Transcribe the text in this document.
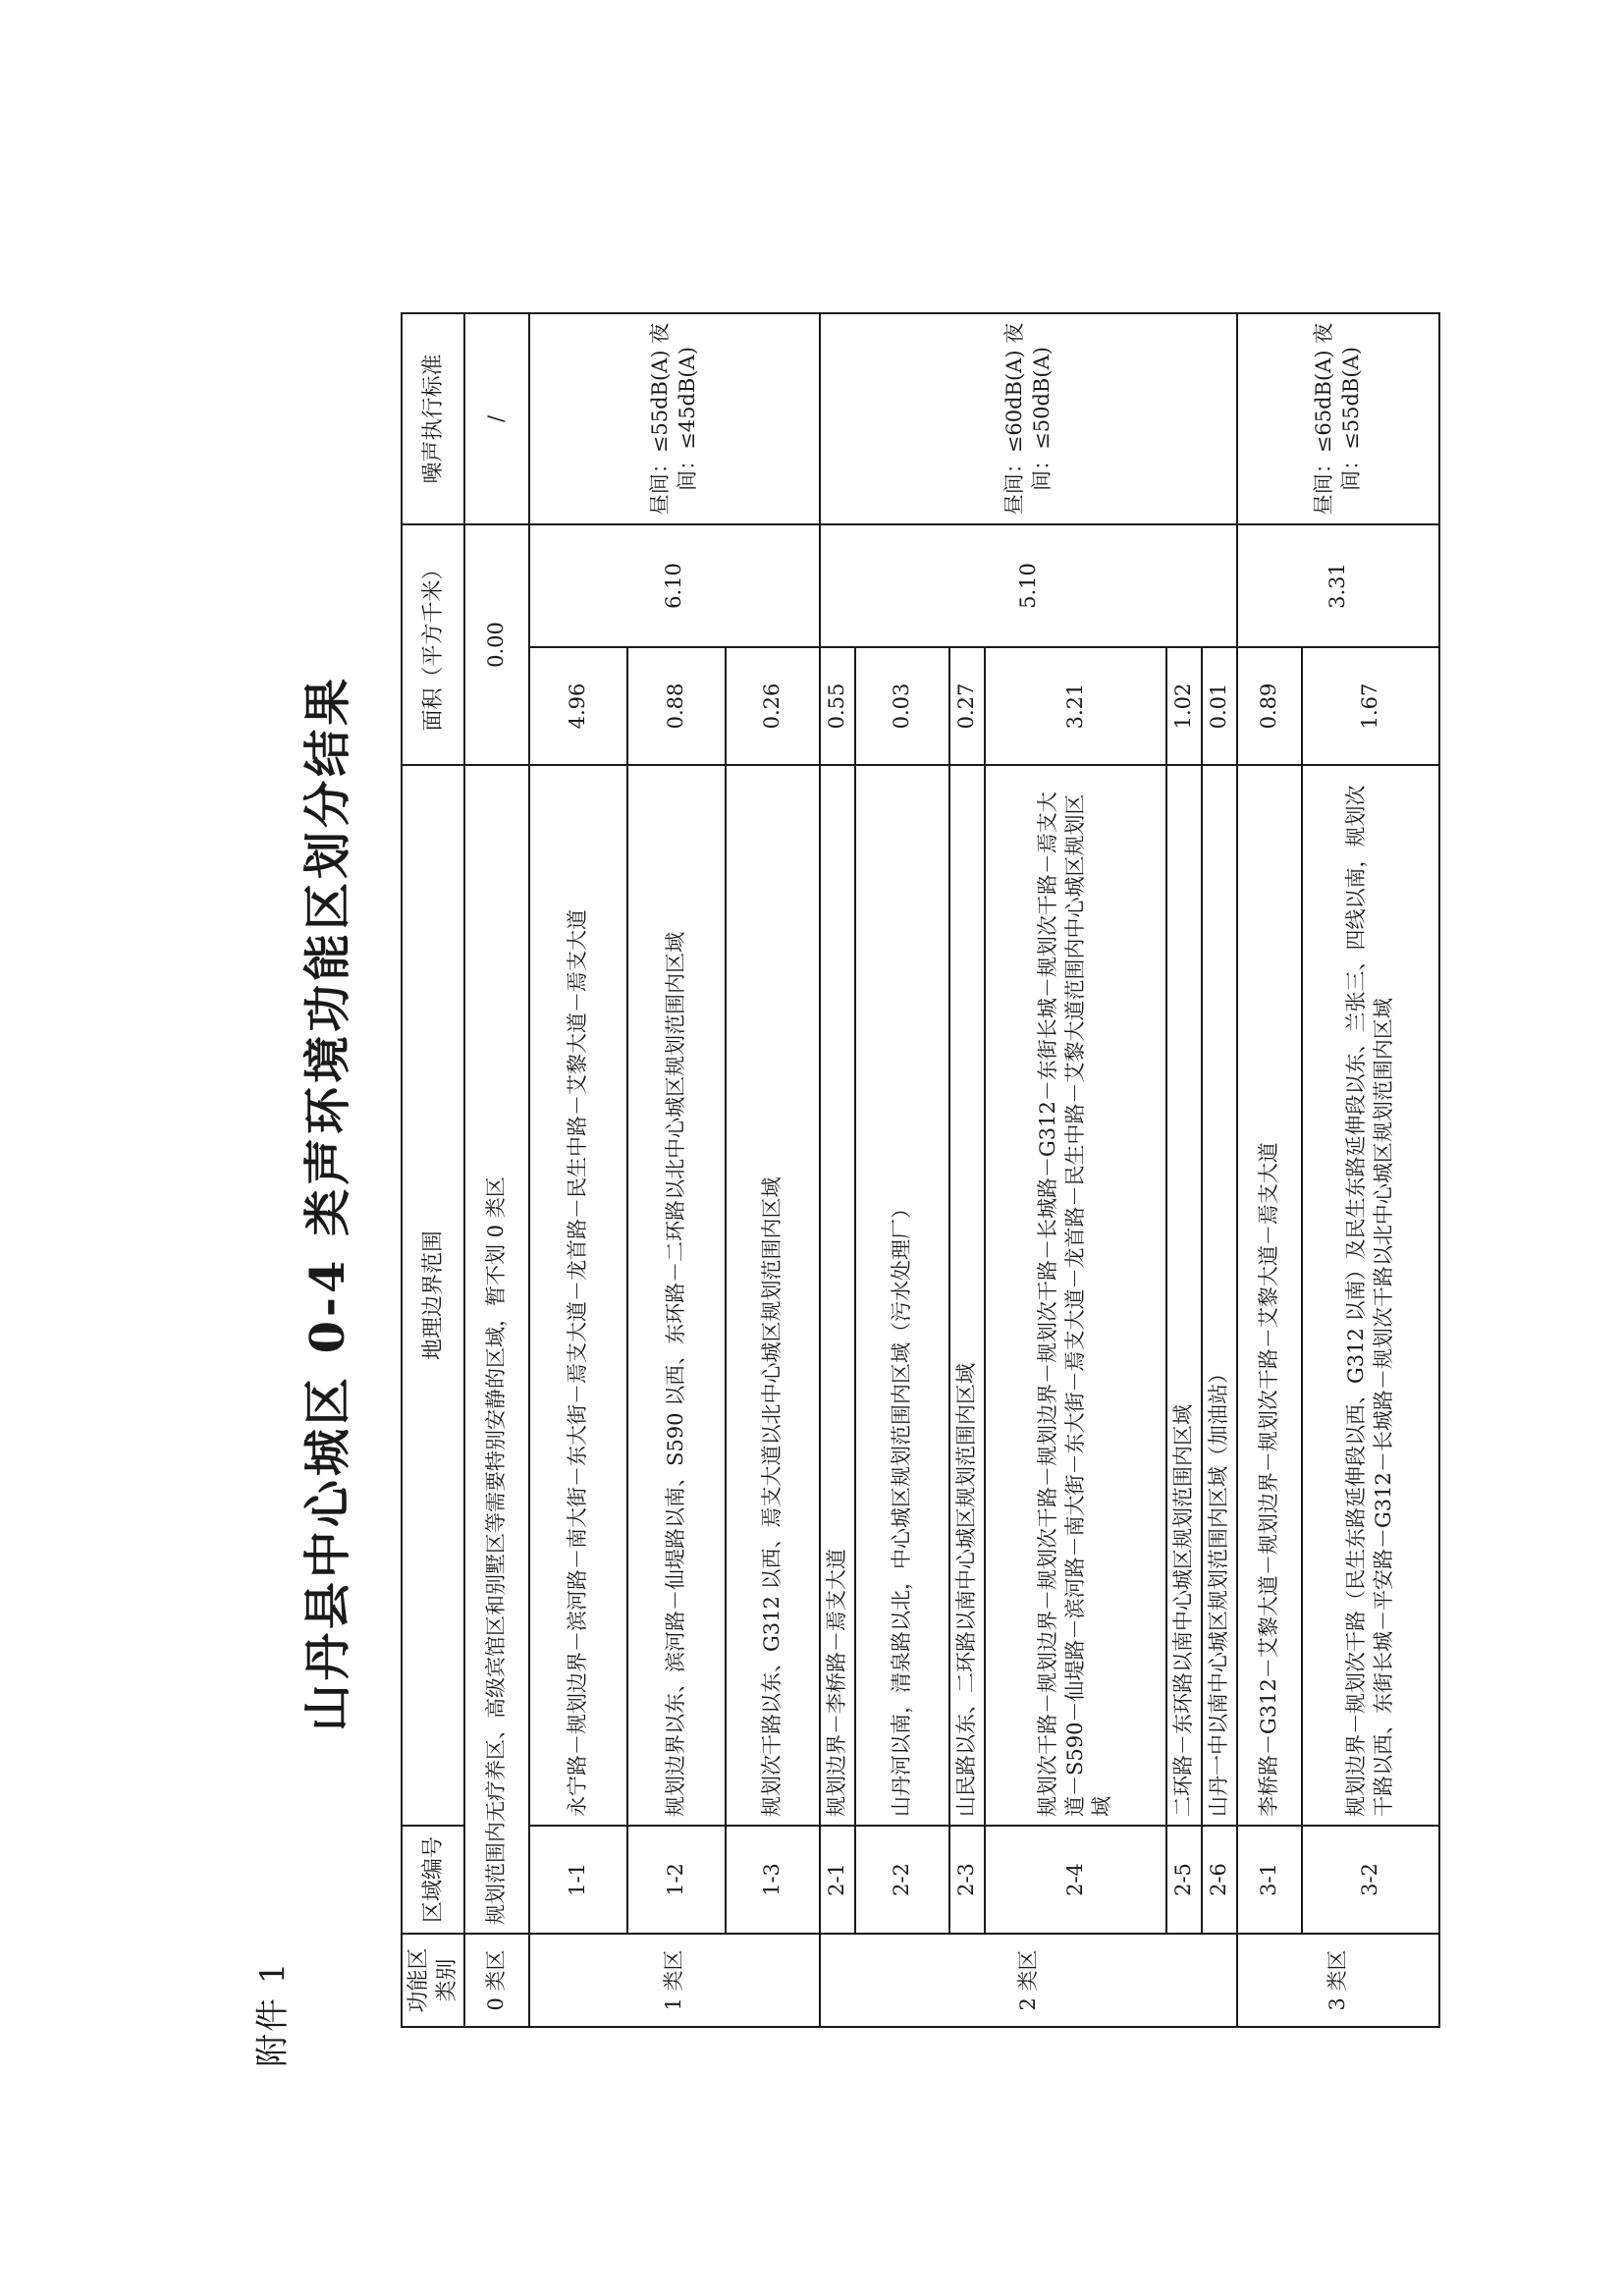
附件 1
山丹县中心城区 0-4 类声环境功能区划分结果
功能区类别	区域编号	地理边界范围	面积（平方千米）		噪声执行标准
0 类区	规划范围内无疗养区、高级宾馆区和别墅区等需要特别安静的区域，暂不划 0 类区		0.00		/
1 类区	1-1	永宁路－规划边界－滨河路－南大街－东大街－焉支大道－龙首路－民生中路－艾黎大道－焉支大道	4.96	6.10	昼间：≤55dB(A) 夜间：≤45dB(A)
	1-2	规划边界以东、滨河路－仙堤路以南、S590 以西、东环路－二环路以北中心城区规划范围内区域	0.88		
	1-3	规划次干路以东、G312 以西、焉支大道以北中心城区规划范围内区域	0.26		
2 类区	2-1	规划边界－李桥路－焉支大道	0.55	5.10	昼间：≤60dB(A) 夜间：≤50dB(A)
	2-2	山丹河以南，清泉路以北，中心城区规划范围内区域（污水处理厂）	0.03		
	2-3	山民路以东、二环路以南中心城区规划范围内区域	0.27		
	2-4	规划次干路－规划边界－规划次干路－规划边界－规划次干路－长城路－G312－东街长城－规划次干路－焉支大道－S590－仙堤路－滨河路－南大街－东大街－焉支大道－龙首路－民生中路－艾黎大道范围内中心城区规划区域	3.21		
	2-5	二环路－东环路以南中心城区规划范围内区域	1.02		
	2-6	山丹一中以南中心城区规划范围内区域（加油站）	0.01		
3 类区	3-1	李桥路－G312－艾黎大道－规划边界－规划次干路－艾黎大道－焉支大道	0.89	3.31	昼间：≤65dB(A) 夜间：≤55dB(A)
	3-2	规划边界－规划次干路（民生东路延伸段以西、G312 以南）及民生东路延伸段以东、兰张三、四线以南，规划次干路以西、东街长城－平安路－G312－长城路－规划次干路以北中心城区规划范围内区域	1.67		
